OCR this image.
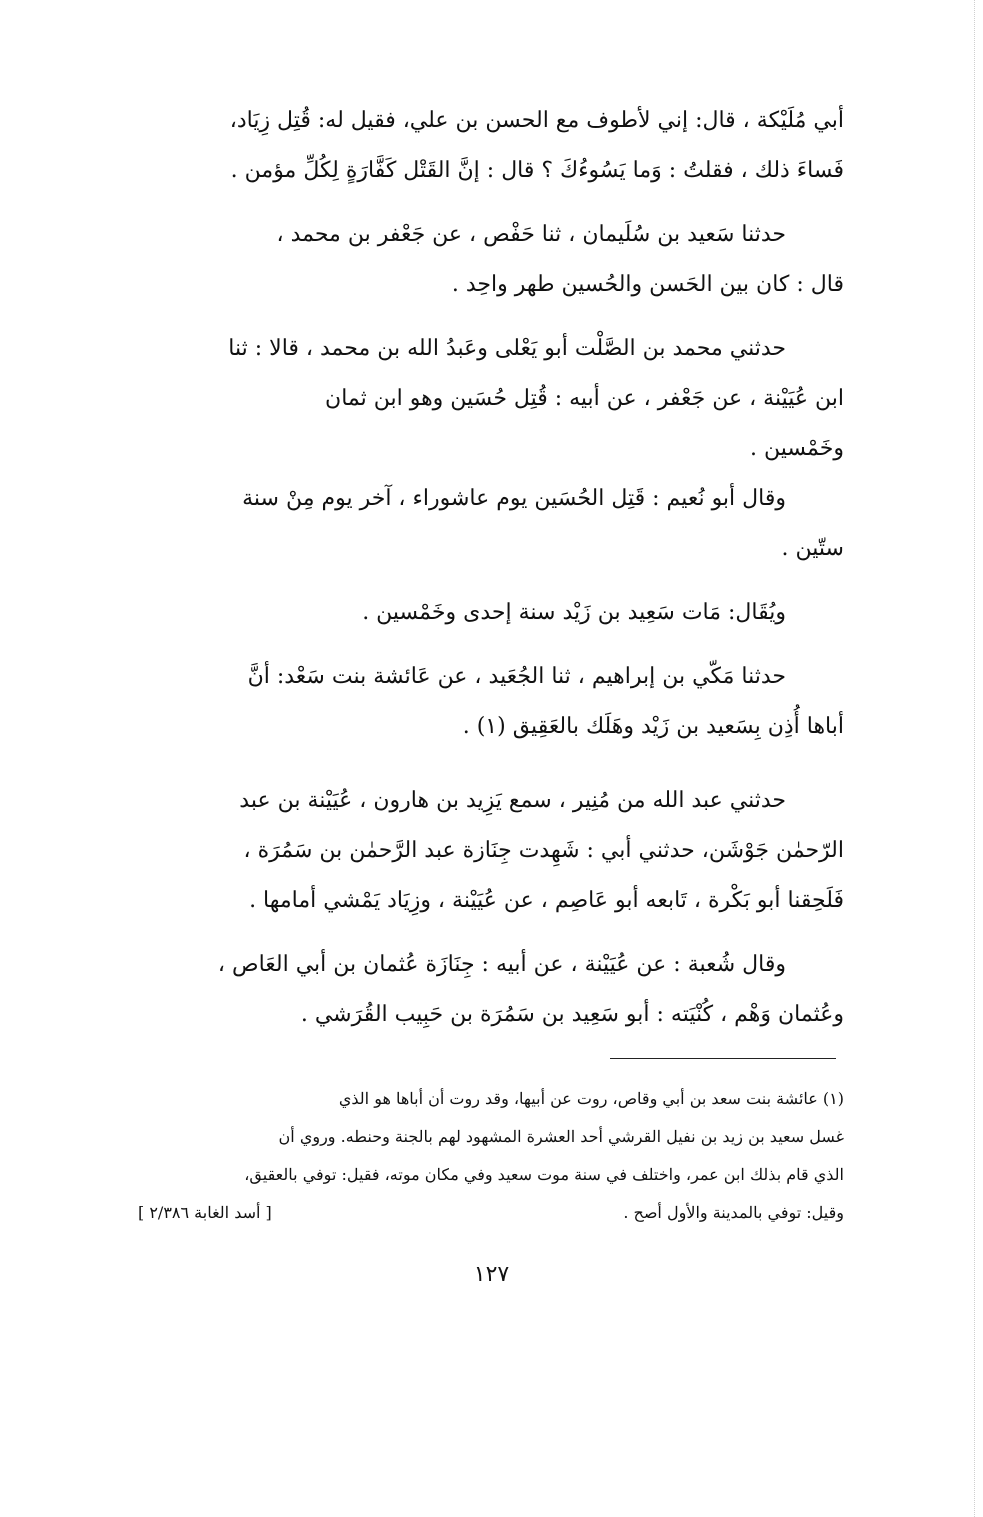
أبي مُلَيْكة ، قال: إني لأطوف مع الحسن بن علي، فقيل له: قُتِل زِيَاد،
فَساءَ ذلك ، فقلتُ : وَما يَسُوءُكَ ؟ قال : إنَّ القَتْل كَفَّارَةٍ لِكُلِّ مؤمن .

حدثنا سَعيد بن سُلَيمان ، ثنا حَفْص ، عن جَعْفر بن محمد ،
قال : كان بين الحَسن والحُسين طهر واحِد .

حدثني محمد بن الصَّلْت أبو يَعْلى وعَبدُ الله بن محمد ، قالا : ثنا
ابن عُيَيْنة ، عن جَعْفر ، عن أبيه : قُتِل حُسَين وهو ابن ثمان
وخَمْسين .

وقال أبو نُعيم : قَتِل الحُسَين يوم عاشوراء ، آخر يوم مِنْ سنة
ستّين .

ويُقَال: مَات سَعِيد بن زَيْد سنة إحدى وخَمْسين .

حدثنا مَكّي بن إبراهيم ، ثنا الجُعَيد ، عن عَائشة بنت سَعْد: أنَّ
أباها أُذِن بِسَعيد بن زَيْد وهَلَك بالعَقِيق (١) .

حدثني عبد الله من مُنِير ، سمع يَزِيد بن هارون ، عُيَيْنة بن عبد
الرّحمٰن جَوْشَن، حدثني أبي : شَهِدت جِنَازة عبد الرَّحمٰن بن سَمُرَة ،
فَلَحِقنا أبو بَكْرة ، تَابعه أبو عَاصِم ، عن عُيَيْنة ، وزِيَاد يَمْشي أمامها .

وقال شُعبة : عن عُيَيْنة ، عن أبيه : جِنَازَة عُثمان بن أبي العَاص ،
وعُثمان وَهْم ، كُنْيَته : أبو سَعِيد بن سَمُرَة بن حَبِيب القُرَشي .

(١) عائشة بنت سعد بن أبي وقاص، روت عن أبيها، وقد روت أن أباها هو الذي

غسل سعيد بن زيد بن نفيل القرشي أحد العشرة المشهود لهم بالجنة وحنطه. وروي أن

الذي قام بذلك ابن عمر، واختلف في سنة موت سعيد وفي مكان موته، فقيل: توفي بالعقيق،

وقيل: توفي بالمدينة والأول أصح .
[ أسد الغابة ٢/٣٨٦ ]

١٢٧
